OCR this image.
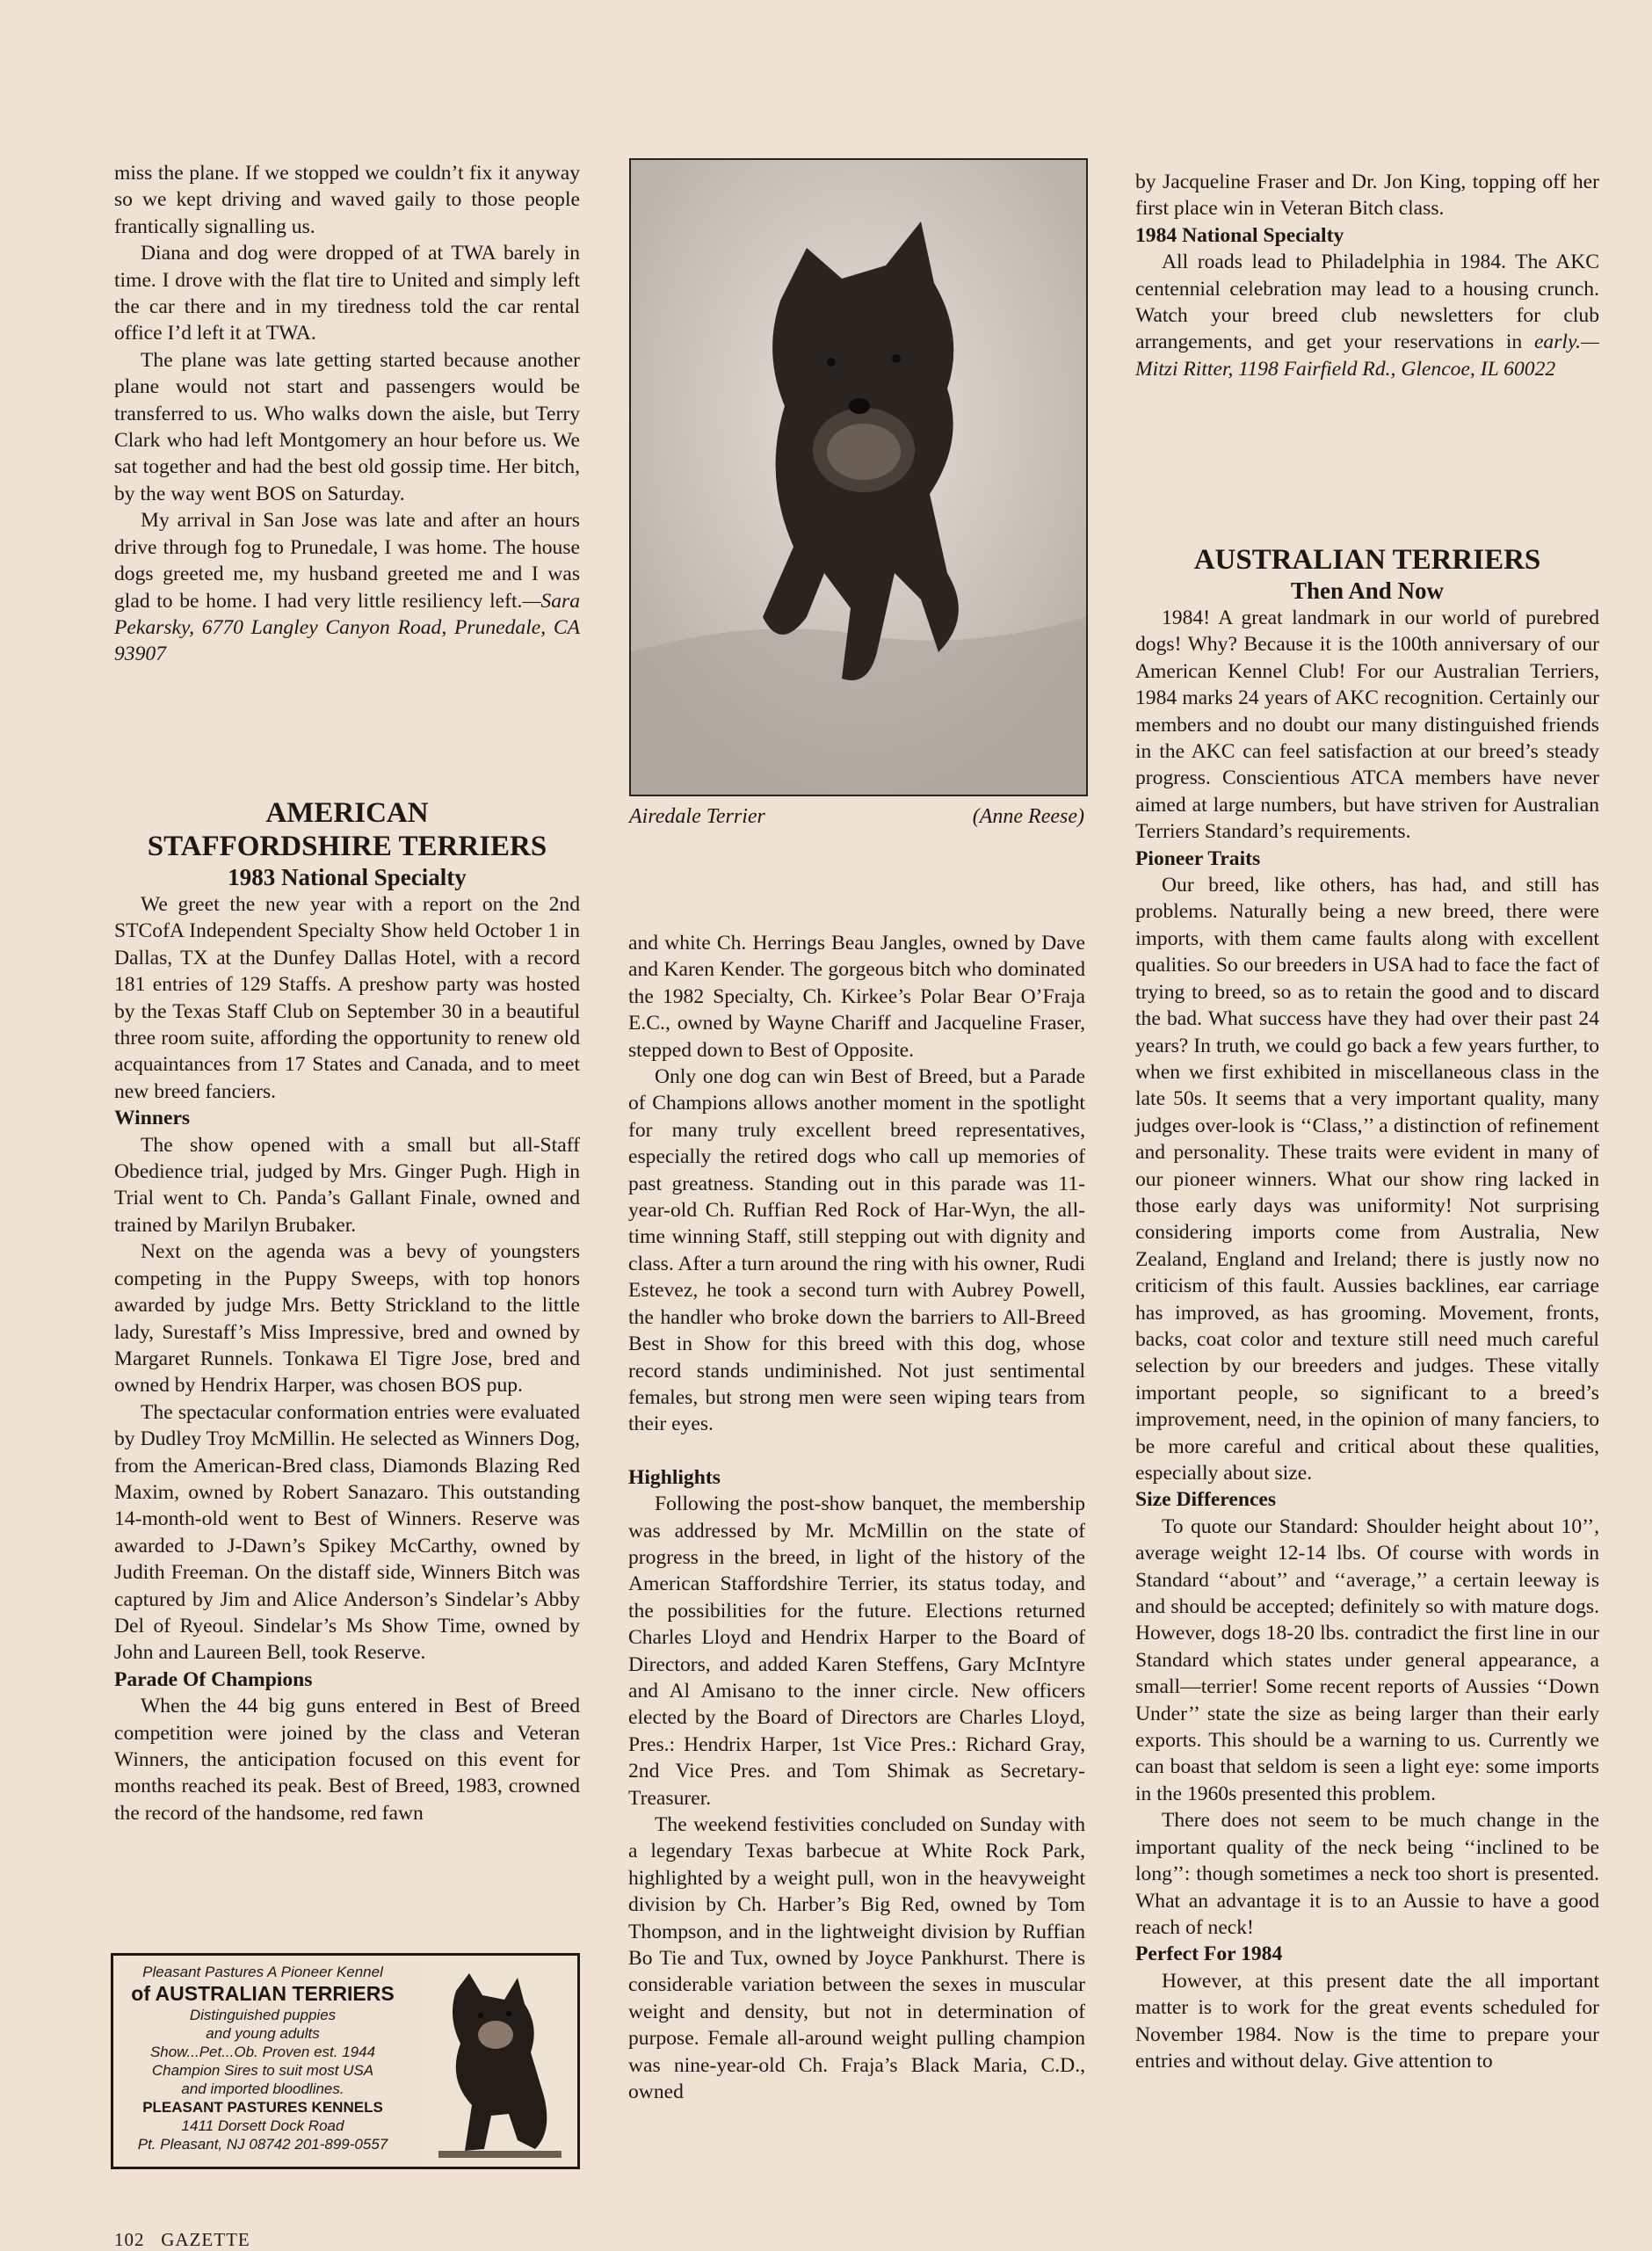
miss the plane. If we stopped we couldn’t fix it anyway so we kept driving and waved gaily to those people frantically signalling us.

Diana and dog were dropped of at TWA barely in time. I drove with the flat tire to United and simply left the car there and in my tiredness told the car rental office I’d left it at TWA.

The plane was late getting started because another plane would not start and passengers would be transferred to us. Who walks down the aisle, but Terry Clark who had left Montgomery an hour before us. We sat together and had the best old gossip time. Her bitch, by the way went BOS on Saturday.

My arrival in San Jose was late and after an hours drive through fog to Prunedale, I was home. The house dogs greeted me, my husband greeted me and I was glad to be home. I had very little resiliency left.—Sara Pekarsky, 6770 Langley Canyon Road, Prunedale, CA 93907

AMERICAN
STAFFORDSHIRE TERRIERS
1983 National Specialty

We greet the new year with a report on the 2nd STCofA Independent Specialty Show held October 1 in Dallas, TX at the Dunfey Dallas Hotel, with a record 181 entries of 129 Staffs. A preshow party was hosted by the Texas Staff Club on September 30 in a beautiful three room suite, affording the opportunity to renew old acquaintances from 17 States and Canada, and to meet new breed fanciers.

Winners

The show opened with a small but all-Staff Obedience trial, judged by Mrs. Ginger Pugh. High in Trial went to Ch. Panda’s Gallant Finale, owned and trained by Marilyn Brubaker.

Next on the agenda was a bevy of youngsters competing in the Puppy Sweeps, with top honors awarded by judge Mrs. Betty Strickland to the little lady, Surestaff’s Miss Impressive, bred and owned by Margaret Runnels. Tonkawa El Tigre Jose, bred and owned by Hendrix Harper, was chosen BOS pup.

The spectacular conformation entries were evaluated by Dudley Troy McMillin. He selected as Winners Dog, from the American-Bred class, Diamonds Blazing Red Maxim, owned by Robert Sanazaro. This outstanding 14-month-old went to Best of Winners. Reserve was awarded to J-Dawn’s Spikey McCarthy, owned by Judith Freeman. On the distaff side, Winners Bitch was captured by Jim and Alice Anderson’s Sindelar’s Abby Del of Ryeoul. Sindelar’s Ms Show Time, owned by John and Laureen Bell, took Reserve.

Parade Of Champions

When the 44 big guns entered in Best of Breed competition were joined by the class and Veteran Winners, the anticipation focused on this event for months reached its peak. Best of Breed, 1983, crowned the record of the handsome, red fawn

Airedale Terrier	(Anne Reese)

and white Ch. Herrings Beau Jangles, owned by Dave and Karen Kender. The gorgeous bitch who dominated the 1982 Specialty, Ch. Kirkee’s Polar Bear O’Fraja E.C., owned by Wayne Chariff and Jacqueline Fraser, stepped down to Best of Opposite.

Only one dog can win Best of Breed, but a Parade of Champions allows another moment in the spotlight for many truly excellent breed representatives, especially the retired dogs who call up memories of past greatness. Standing out in this parade was 11-year-old Ch. Ruffian Red Rock of Har-Wyn, the all-time winning Staff, still stepping out with dignity and class. After a turn around the ring with his owner, Rudi Estevez, he took a second turn with Aubrey Powell, the handler who broke down the barriers to All-Breed Best in Show for this breed with this dog, whose record stands undiminished. Not just sentimental females, but strong men were seen wiping tears from their eyes.

Highlights

Following the post-show banquet, the membership was addressed by Mr. McMillin on the state of progress in the breed, in light of the history of the American Staffordshire Terrier, its status today, and the possibilities for the future. Elections returned Charles Lloyd and Hendrix Harper to the Board of Directors, and added Karen Steffens, Gary McIntyre and Al Amisano to the inner circle. New officers elected by the Board of Directors are Charles Lloyd, Pres.: Hendrix Harper, 1st Vice Pres.: Richard Gray, 2nd Vice Pres. and Tom Shimak as Secretary-Treasurer.

The weekend festivities concluded on Sunday with a legendary Texas barbecue at White Rock Park, highlighted by a weight pull, won in the heavyweight division by Ch. Harber’s Big Red, owned by Tom Thompson, and in the lightweight division by Ruffian Bo Tie and Tux, owned by Joyce Pankhurst. There is considerable variation between the sexes in muscular weight and density, but not in determination of purpose. Female all-around weight pulling champion was nine-year-old Ch. Fraja’s Black Maria, C.D., owned

by Jacqueline Fraser and Dr. Jon King, topping off her first place win in Veteran Bitch class.

1984 National Specialty

All roads lead to Philadelphia in 1984. The AKC centennial celebration may lead to a housing crunch. Watch your breed club newsletters for club arrangements, and get your reservations in early.—Mitzi Ritter, 1198 Fairfield Rd., Glencoe, IL 60022

AUSTRALIAN TERRIERS
Then And Now

1984! A great landmark in our world of purebred dogs! Why? Because it is the 100th anniversary of our American Kennel Club! For our Australian Terriers, 1984 marks 24 years of AKC recognition. Certainly our members and no doubt our many distinguished friends in the AKC can feel satisfaction at our breed’s steady progress. Conscientious ATCA members have never aimed at large numbers, but have striven for Australian Terriers Standard’s requirements.

Pioneer Traits

Our breed, like others, has had, and still has problems. Naturally being a new breed, there were imports, with them came faults along with excellent qualities. So our breeders in USA had to face the fact of trying to breed, so as to retain the good and to discard the bad. What success have they had over their past 24 years? In truth, we could go back a few years further, to when we first exhibited in miscellaneous class in the late 50s. It seems that a very important quality, many judges over-look is ‘‘Class,’’ a distinction of refinement and personality. These traits were evident in many of our pioneer winners. What our show ring lacked in those early days was uniformity! Not surprising considering imports come from Australia, New Zealand, England and Ireland; there is justly now no criticism of this fault. Aussies backlines, ear carriage has improved, as has grooming. Movement, fronts, backs, coat color and texture still need much careful selection by our breeders and judges. These vitally important people, so significant to a breed’s improvement, need, in the opinion of many fanciers, to be more careful and critical about these qualities, especially about size.

Size Differences

To quote our Standard: Shoulder height about 10’’, average weight 12-14 lbs. Of course with words in Standard ‘‘about’’ and ‘‘average,’’ a certain leeway is and should be accepted; definitely so with mature dogs. However, dogs 18-20 lbs. contradict the first line in our Standard which states under general appearance, a small—terrier! Some recent reports of Aussies ‘‘Down Under’’ state the size as being larger than their early exports. This should be a warning to us. Currently we can boast that seldom is seen a light eye: some imports in the 1960s presented this problem.

There does not seem to be much change in the important quality of the neck being ‘‘inclined to be long’’: though sometimes a neck too short is presented. What an advantage it is to an Aussie to have a good reach of neck!

Perfect For 1984

However, at this present date the all important matter is to work for the great events scheduled for November 1984. Now is the time to prepare your entries and without delay. Give attention to

Pleasant Pastures A Pioneer Kennel
of AUSTRALIAN TERRIERS
Distinguished puppies
and young adults
Show...Pet...Ob. Proven est. 1944
Champion Sires to suit most USA
and imported bloodlines.
PLEASANT PASTURES KENNELS
1411 Dorsett Dock Road
Pt. Pleasant, NJ 08742 201-899-0557
102 GAZETTE
